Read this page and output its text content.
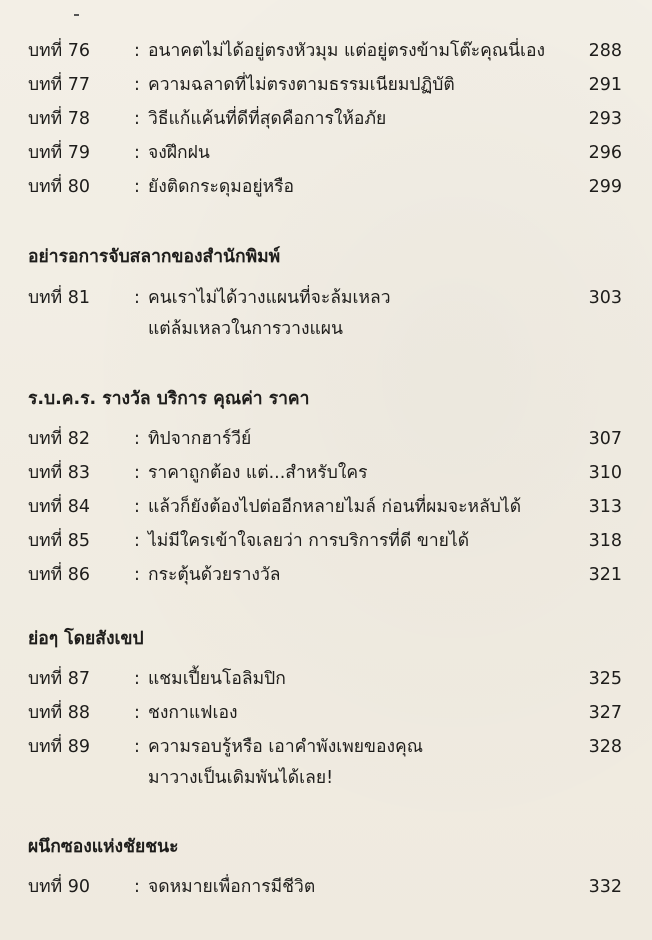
บทที่ 76	: อนาคตไม่ได้อยู่ตรงหัวมุม แต่อยู่ตรงข้ามโต๊ะคุณนี่เอง 288
บทที่ 77	: ความฉลาดที่ไม่ตรงตามธรรมเนียมปฏิบัติ	291
บทที่ 78	: วิธีแก้แค้นที่ดีที่สุดคือการให้อภัย	293
บทที่ 79	: จงฝึกฝน	296
บทที่ 80	: ยังติดกระดุมอยู่หรือ	299
อย่ารอการจับสลากของสำนักพิมพ์
บทที่ 81	: คนเราไม่ได้วางแผนที่จะล้มเหลว	303
แต่ล้มเหลวในการวางแผน
ร.บ.ค.ร. รางวัล บริการ คุณค่า ราคา
บทที่ 82	: ทิปจากฮาร์วีย์	307
บทที่ 83	: ราคาถูกต้อง แต่...สำหรับใคร	310
บทที่ 84	: แล้วก็ยังต้องไปต่ออีกหลายไมล์ ก่อนที่ผมจะหลับได้	313
บทที่ 85	: ไม่มีใครเข้าใจเลยว่า การบริการที่ดี ขายได้	318
บทที่ 86	: กระตุ้นด้วยรางวัล	321
ย่อๆ โดยสังเขป
บทที่ 87	: แชมเปี้ยนโอลิมปิก	325
บทที่ 88	: ชงกาแฟเอง	327
บทที่ 89	: ความรอบรู้หรือ เอาคำพังเพยของคุณ	328
มาวางเป็นเดิมพันได้เลย!
ผนึกซองแห่งชัยชนะ
บทที่ 90	: จดหมายเพื่อการมีชีวิต	332
